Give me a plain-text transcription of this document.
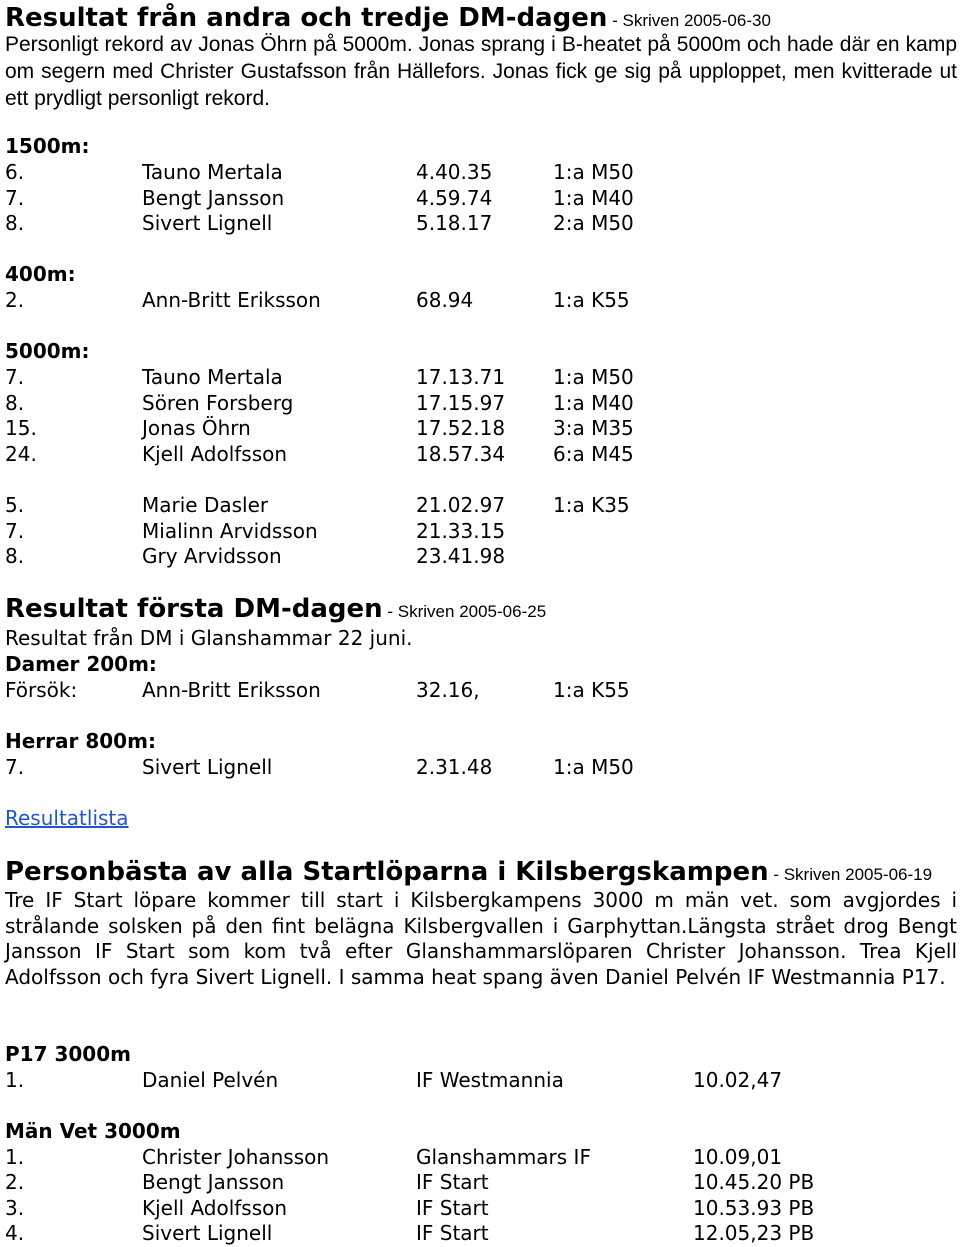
Resultat från andra och tredje DM-dagen - Skriven 2005-06-30
Personligt rekord av Jonas Öhrn på 5000m. Jonas sprang i B-heatet på 5000m och hade där en kamp om segern med Christer Gustafsson från Hällefors. Jonas fick ge sig på upploppet, men kvitterade ut ett prydligt personligt rekord.
1500m:
6.	Tauno Mertala	4.40.35	1:a M50
7.	Bengt Jansson	4.59.74	1:a M40
8.	Sivert Lignell	5.18.17	2:a M50
400m:
2.	Ann-Britt Eriksson	68.94	1:a K55
5000m:
7.	Tauno Mertala	17.13.71 1:a M50
8.	Sören Forsberg	17.15.97 1:a M40
15.	Jonas Öhrn	17.52.18 3:a M35
24.	Kjell Adolfsson	18.57.34 6:a M45
5.	Marie Dasler	21.02.97 1:a K35
7.	Mialinn Arvidsson	21.33.15
8.	Gry Arvidsson	23.41.98
Resultat första DM-dagen - Skriven 2005-06-25
Resultat från DM i Glanshammar 22 juni.
Damer 200m:
Försök:	Ann-Britt Eriksson	32.16,	1:a K55
Herrar 800m:
7.	Sivert Lignell	2.31.48	1:a M50
Resultatlista
Personbästa av alla Startlöparna i Kilsbergskampen - Skriven 2005-06-19
Tre IF Start löpare kommer till start i Kilsbergkampens 3000 m män vet. som avgjordes i strålande solsken på den fint belägna Kilsbergvallen i Garphyttan.Längsta strået drog Bengt Jansson IF Start som kom två efter Glanshammarslöparen Christer Johansson. Trea Kjell Adolfsson och fyra Sivert Lignell. I samma heat spang även Daniel Pelvén IF Westmannia P17.
P17 3000m
1.	Daniel Pelvén	IF Westmannia	10.02,47
Män Vet 3000m
1.	Christer Johansson	Glanshammars IF	10.09,01
2.	Bengt Jansson	IF Start	10.45.20 PB
3.	Kjell Adolfsson	IF Start	10.53.93 PB
4.	Sivert Lignell	IF Start	12.05,23 PB
